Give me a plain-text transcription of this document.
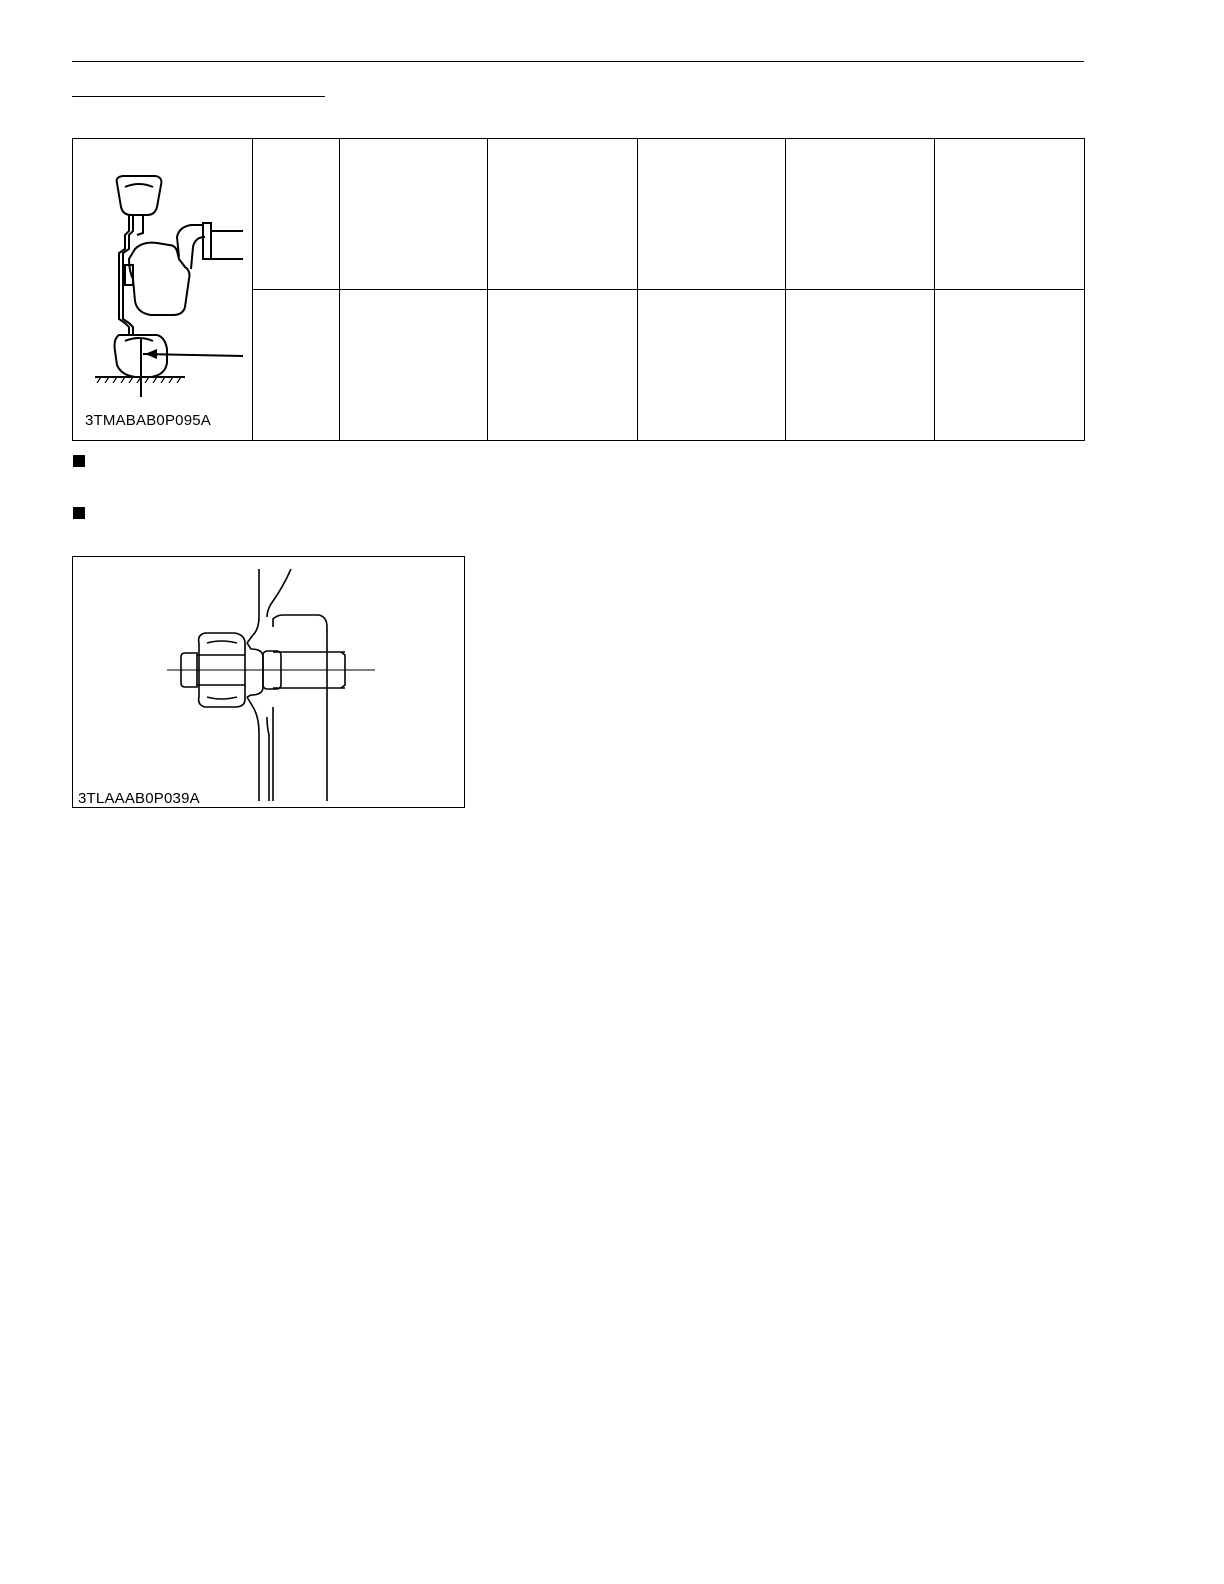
3TMABAB0P095A						

3TLAAAB0P039A
